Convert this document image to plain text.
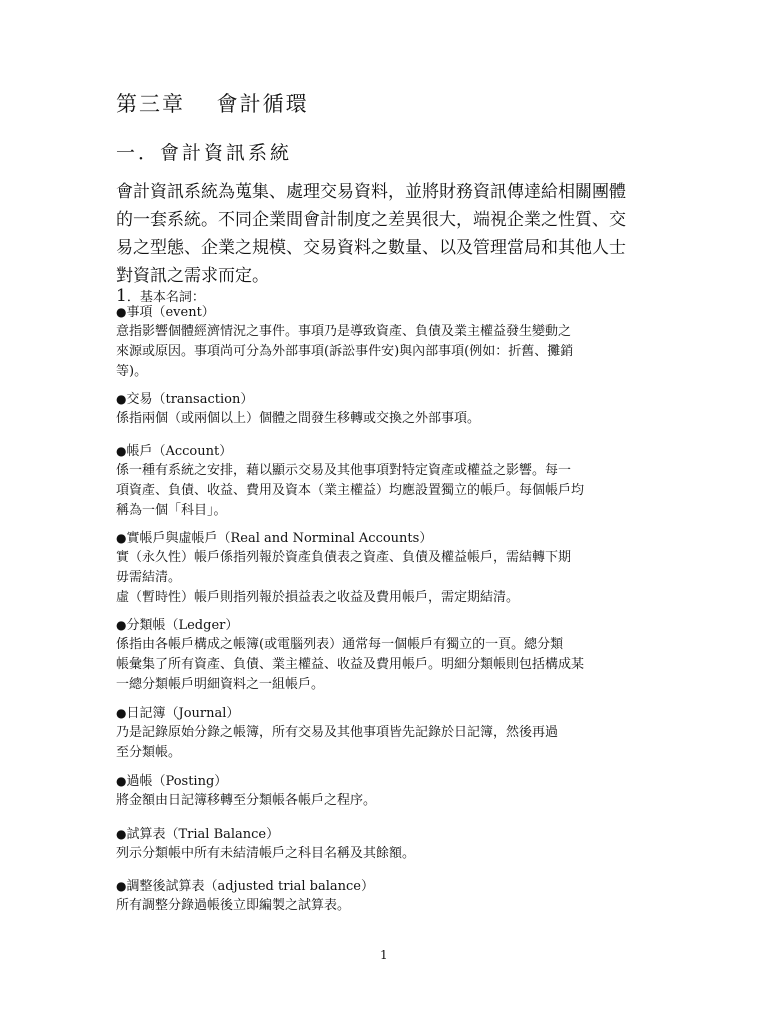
第三章　 會計循環
一．會計資訊系統
會計資訊系統為蒐集、處理交易資料，並將財務資訊傳達給相關團體
的一套系統。不同企業間會計制度之差異很大，端視企業之性質、交
易之型態、企業之規模、交易資料之數量、以及管理當局和其他人士
對資訊之需求而定。
1．基本名詞：
●事項（event）
意指影響個體經濟情況之事件。事項乃是導致資產、負債及業主權益發生變動之
來源或原因。事項尚可分為外部事項(訴訟事件安)與內部事項(例如：折舊、攤銷
等)。
●交易（transaction）
係指兩個（或兩個以上）個體之間發生移轉或交換之外部事項。
●帳戶（Account）
係一種有系統之安排，藉以顯示交易及其他事項對特定資產或權益之影響。每一
項資產、負債、收益、費用及資本（業主權益）均應設置獨立的帳戶。每個帳戶均
稱為一個「科目」。
●實帳戶與虛帳戶（Real and Norminal Accounts）
實（永久性）帳戶係指列報於資產負債表之資產、負債及權益帳戶，需結轉下期
毋需結清。
虛（暫時性）帳戶則指列報於損益表之收益及費用帳戶，需定期結清。
●分類帳（Ledger）
係指由各帳戶構成之帳簿(或電腦列表）通常每一個帳戶有獨立的一頁。總分類
帳彙集了所有資產、負債、業主權益、收益及費用帳戶。明細分類帳則包括構成某
一總分類帳戶明細資料之一組帳戶。
●日記簿（Journal）
乃是記錄原始分錄之帳簿，所有交易及其他事項皆先記錄於日記簿，然後再過
至分類帳。
●過帳（Posting）
將金額由日記簿移轉至分類帳各帳戶之程序。
●試算表（Trial Balance）
列示分類帳中所有未結清帳戶之科目名稱及其餘額。
●調整後試算表（adjusted trial balance）
所有調整分錄過帳後立即編製之試算表。
1
